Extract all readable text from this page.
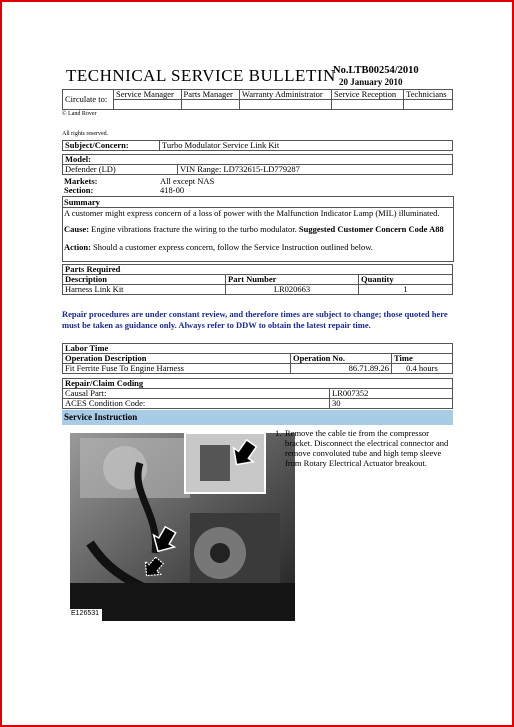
TECHNICAL SERVICE BULLETIN
No.LTB00254/2010
20 January 2010
Circulate to:	Service Manager	Parts Manager	Warranty Administrator	Service Reception	Technicians

© Land Rover
All rights reserved.
Subject/Concern:	Turbo Modulator Service Link Kit
Model:
Defender (LD)	VIN Range: LD732615-LD779287
Markets:	All except NAS
Section:	418-00
Summary
A customer might express concern of a loss of power with the Malfunction Indicator Lamp (MIL) illuminated.
Cause: Engine vibrations fracture the wiring to the turbo modulator. Suggested Customer Concern Code A88
Action: Should a customer express concern, follow the Service Instruction outlined below.
Parts Required		
Description	Part Number	Quantity
Harness Link Kit	LR020663	1
Repair procedures are under constant review, and therefore times are subject to change; those quoted here must be taken as guidance only. Always refer to DDW to obtain the latest repair time.
Labor Time		
Operation Description	Operation No.	Time
Fit Ferrite Fuse To Engine Harness	86.71.89.26	0.4 hours
Repair/Claim Coding	
Causal Part:	LR007352
ACES Condition Code:	30
Service Instruction
E126531
1. Remove the cable tie from the compressor bracket. Disconnect the electrical connector and remove convoluted tube and high temp sleeve from Rotary Electrical Actuator breakout.
